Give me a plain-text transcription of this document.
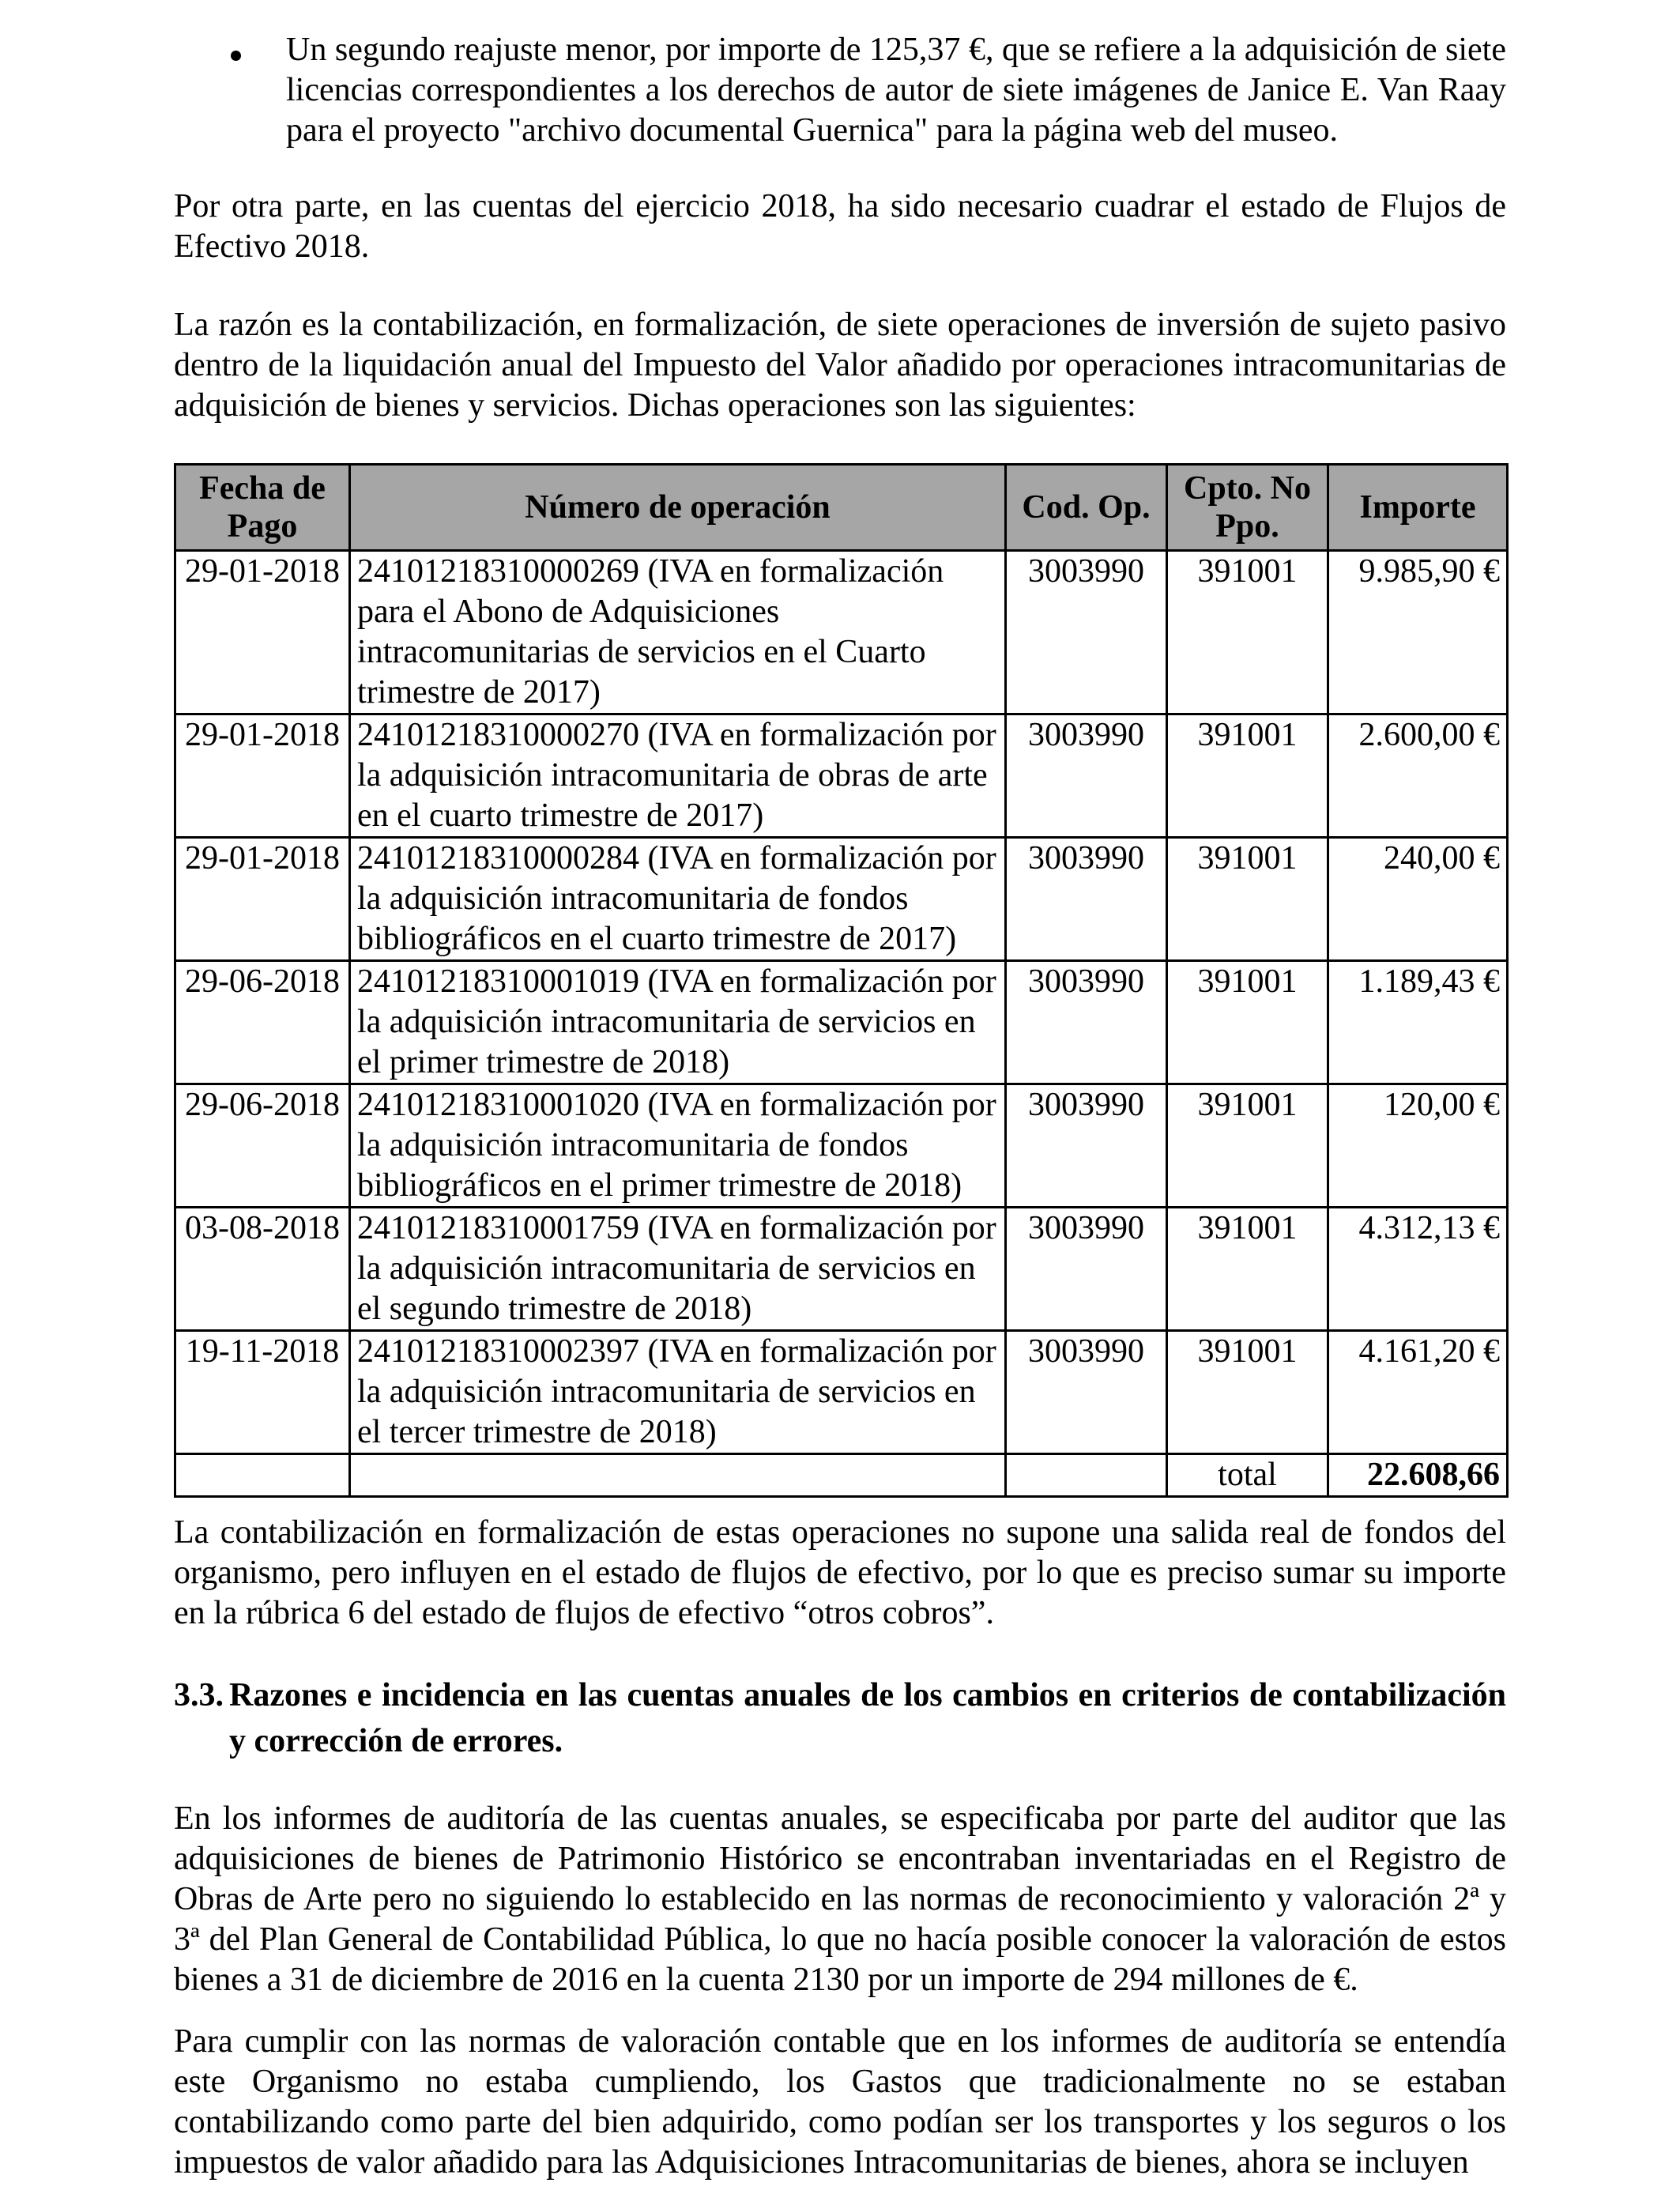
Un segundo reajuste menor, por importe de 125,37 €, que se refiere a la adquisición de siete licencias correspondientes a los derechos de autor de siete imágenes de Janice E. Van Raay para el proyecto "archivo documental Guernica" para la página web del museo.

Por otra parte, en las cuentas del ejercicio 2018, ha sido necesario cuadrar el estado de Flujos de Efectivo 2018.

La razón es la contabilización, en formalización, de siete operaciones de inversión de sujeto pasivo dentro de la liquidación anual del Impuesto del Valor añadido por operaciones intracomunitarias de adquisición de bienes y servicios. Dichas operaciones son las siguientes:

Fecha de Pago	Número de operación	Cod. Op.	Cpto. No Ppo.	Importe
29-01-2018	24101218310000269 (IVA en formalización para el Abono de Adquisiciones intracomunitarias de servicios en el Cuarto trimestre de 2017)	3003990	391001	9.985,90 €
29-01-2018	24101218310000270 (IVA en formalización por la adquisición intracomunitaria de obras de arte en el cuarto trimestre de 2017)	3003990	391001	2.600,00 €
29-01-2018	24101218310000284 (IVA en formalización por la adquisición intracomunitaria de fondos bibliográficos en el cuarto trimestre de 2017)	3003990	391001	240,00 €
29-06-2018	24101218310001019 (IVA en formalización por la adquisición intracomunitaria de servicios en el primer trimestre de 2018)	3003990	391001	1.189,43 €
29-06-2018	24101218310001020 (IVA en formalización por la adquisición intracomunitaria de fondos bibliográficos en el primer trimestre de 2018)	3003990	391001	120,00 €
03-08-2018	24101218310001759 (IVA en formalización por la adquisición intracomunitaria de servicios en el segundo trimestre de 2018)	3003990	391001	4.312,13 €
19-11-2018	24101218310002397 (IVA en formalización por la adquisición intracomunitaria de servicios en el tercer trimestre de 2018)	3003990	391001	4.161,20 €
			total	22.608,66

La contabilización en formalización de estas operaciones no supone una salida real de fondos del organismo, pero influyen en el estado de flujos de efectivo, por lo que es preciso sumar su importe en la rúbrica 6 del estado de flujos de efectivo “otros cobros”.

3.3. Razones e incidencia en las cuentas anuales de los cambios en criterios de contabilización y corrección de errores.

En los informes de auditoría de las cuentas anuales, se especificaba por parte del auditor que las adquisiciones de bienes de Patrimonio Histórico se encontraban inventariadas en el Registro de Obras de Arte pero no siguiendo lo establecido en las normas de reconocimiento y valoración 2ª y 3ª del Plan General de Contabilidad Pública, lo que no hacía posible conocer la valoración de estos bienes a 31 de diciembre de 2016 en la cuenta 2130 por un importe de 294 millones de €.

Para cumplir con las normas de valoración contable que en los informes de auditoría se entendía este Organismo no estaba cumpliendo, los Gastos que tradicionalmente no se estaban contabilizando como parte del bien adquirido, como podían ser los transportes y los seguros o los impuestos de valor añadido para las Adquisiciones Intracomunitarias de bienes, ahora se incluyen
